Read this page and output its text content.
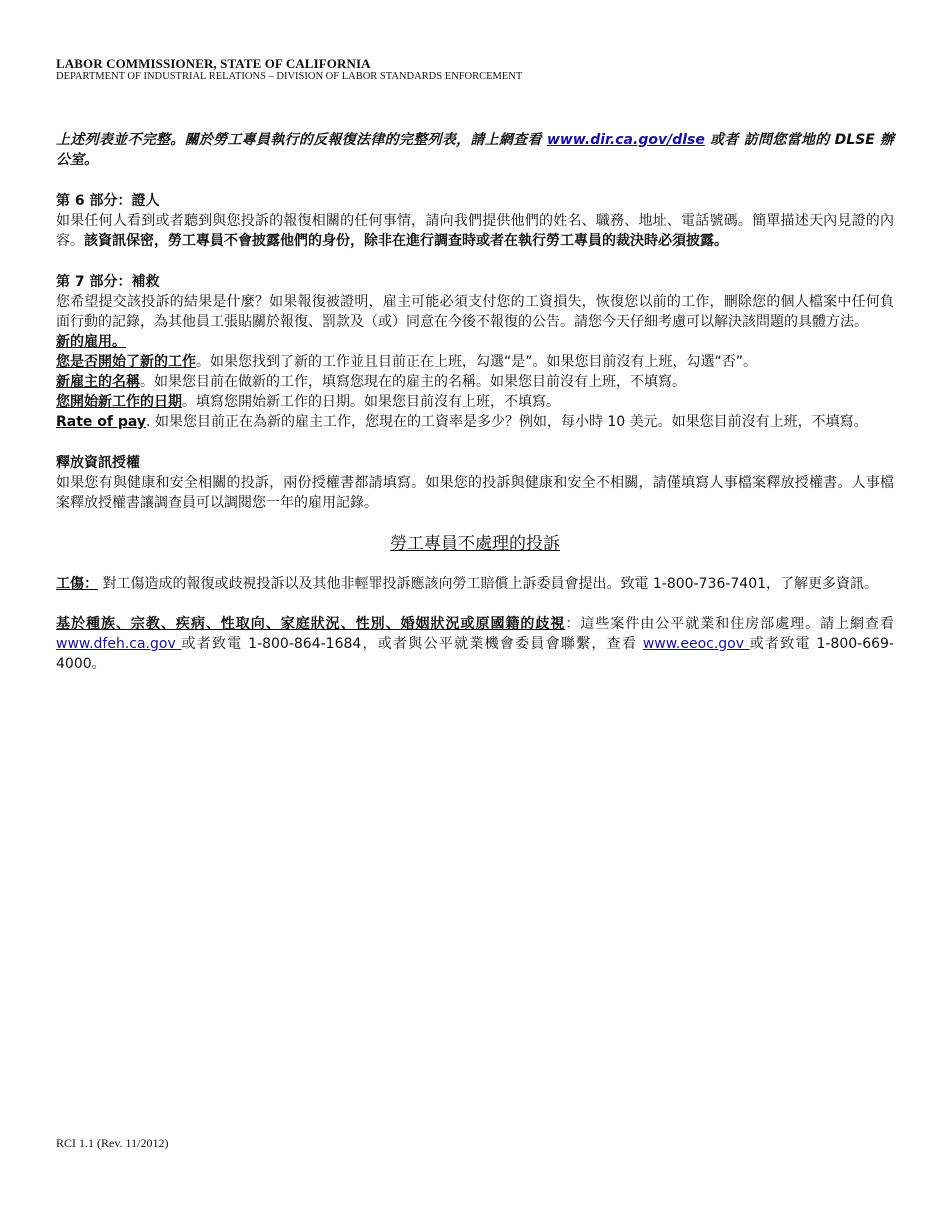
LABOR COMMISSIONER, STATE OF CALIFORNIA
DEPARTMENT OF INDUSTRIAL RELATIONS – DIVISION OF LABOR STANDARDS ENFORCEMENT

上述列表並不完整。關於勞工專員執行的反報復法律的完整列表，請上網查看 www.dir.ca.gov/dlse 或者 訪問您當地的 DLSE 辦公室。

第 6 部分：證人

如果任何人看到或者聽到與您投訴的報復相關的任何事情，請向我們提供他們的姓名、職務、地址、電話號碼。簡單描述天內見證的內容。該資訊保密，勞工專員不會披露他們的身份，除非在進行調查時或者在執行勞工專員的裁決時必須披露。

第 7 部分：補救

您希望提交該投訴的結果是什麼？如果報復被證明，雇主可能必須支付您的工資損失，恢復您以前的工作，刪除您的個人檔案中任何負面行動的記錄，為其他員工張貼關於報復、罰款及（或）同意在今後不報復的公告。請您今天仔細考慮可以解決該問題的具體方法。

新的雇用。

您是否開始了新的工作。如果您找到了新的工作並且目前正在上班，勾選“是”。如果您目前沒有上班，勾選“否”。

新雇主的名稱。如果您目前在做新的工作，填寫您現在的雇主的名稱。如果您目前沒有上班，不填寫。

您開始新工作的日期。填寫您開始新工作的日期。如果您目前沒有上班，不填寫。

Rate of pay. 如果您目前正在為新的雇主工作，您現在的工資率是多少？例如，每小時 10 美元。如果您目前沒有上班，不填寫。

釋放資訊授權

如果您有與健康和安全相關的投訴，兩份授權書都請填寫。如果您的投訴與健康和安全不相關，請僅填寫人事檔案釋放授權書。人事檔案釋放授權書讓調查員可以調閱您一年的雇用記錄。

勞工專員不處理的投訴

工傷： 對工傷造成的報復或歧視投訴以及其他非輕罪投訴應該向勞工賠償上訴委員會提出。致電 1-800-736-7401，了解更多資訊。

基於種族、宗教、疾病、性取向、家庭狀況、性別、婚姻狀況或原國籍的歧視：這些案件由公平就業和住房部處理。請上網查看 www.dfeh.ca.gov 或者致電 1-800-864-1684，或者與公平就業機會委員會聯繫，查看 www.eeoc.gov 或者致電 1-800-669-4000。

RCI 1.1 (Rev. 11/2012)
